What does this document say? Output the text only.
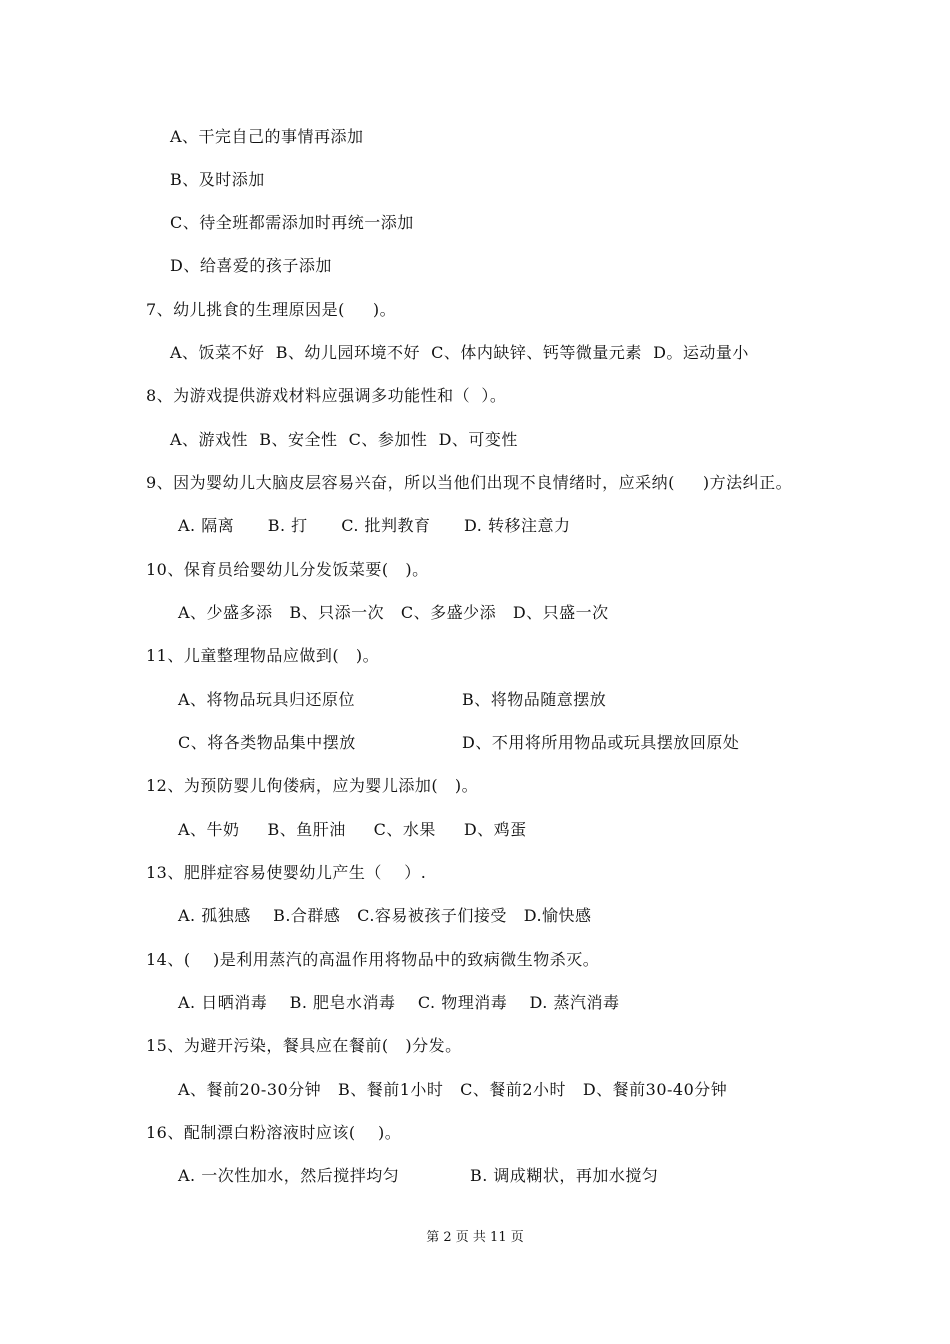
A、干完自己的事情再添加
B、及时添加
C、待全班都需添加时再统一添加
D、给喜爱的孩子添加
7、幼儿挑食的生理原因是(     )。
A、饭菜不好  B、幼儿园环境不好  C、体内缺锌、钙等微量元素  D。运动量小
8、为游戏提供游戏材料应强调多功能性和（  ）。
A、游戏性  B、安全性  C、参加性  D、可变性
9、因为婴幼儿大脑皮层容易兴奋，所以当他们出现不良情绪时，应采纳(     )方法纠正。
A. 隔离      B. 打      C. 批判教育      D. 转移注意力
10、保育员给婴幼儿分发饭菜要(   )。
A、少盛多添   B、只添一次   C、多盛少添   D、只盛一次
11、儿童整理物品应做到(   )。
A、将物品玩具归还原位	B、将物品随意摆放
C、将各类物品集中摆放	D、不用将所用物品或玩具摆放回原处
12、为预防婴儿佝偻病，应为婴儿添加(   )。
A、牛奶     B、鱼肝油     C、水果     D、鸡蛋
13、肥胖症容易使婴幼儿产生（    ）.
A. 孤独感    B.合群感   C.容易被孩子们接受   D.愉快感
14、(    )是利用蒸汽的高温作用将物品中的致病微生物杀灭。
A. 日晒消毒    B. 肥皂水消毒    C. 物理消毒    D. 蒸汽消毒
15、为避开污染，餐具应在餐前(   )分发。
A、餐前20-30分钟   B、餐前1小时   C、餐前2小时   D、餐前30-40分钟
16、配制漂白粉溶液时应该(    )。
A. 一次性加水，然后搅拌均匀	B. 调成糊状，再加水搅匀
第 2 页 共 11 页
